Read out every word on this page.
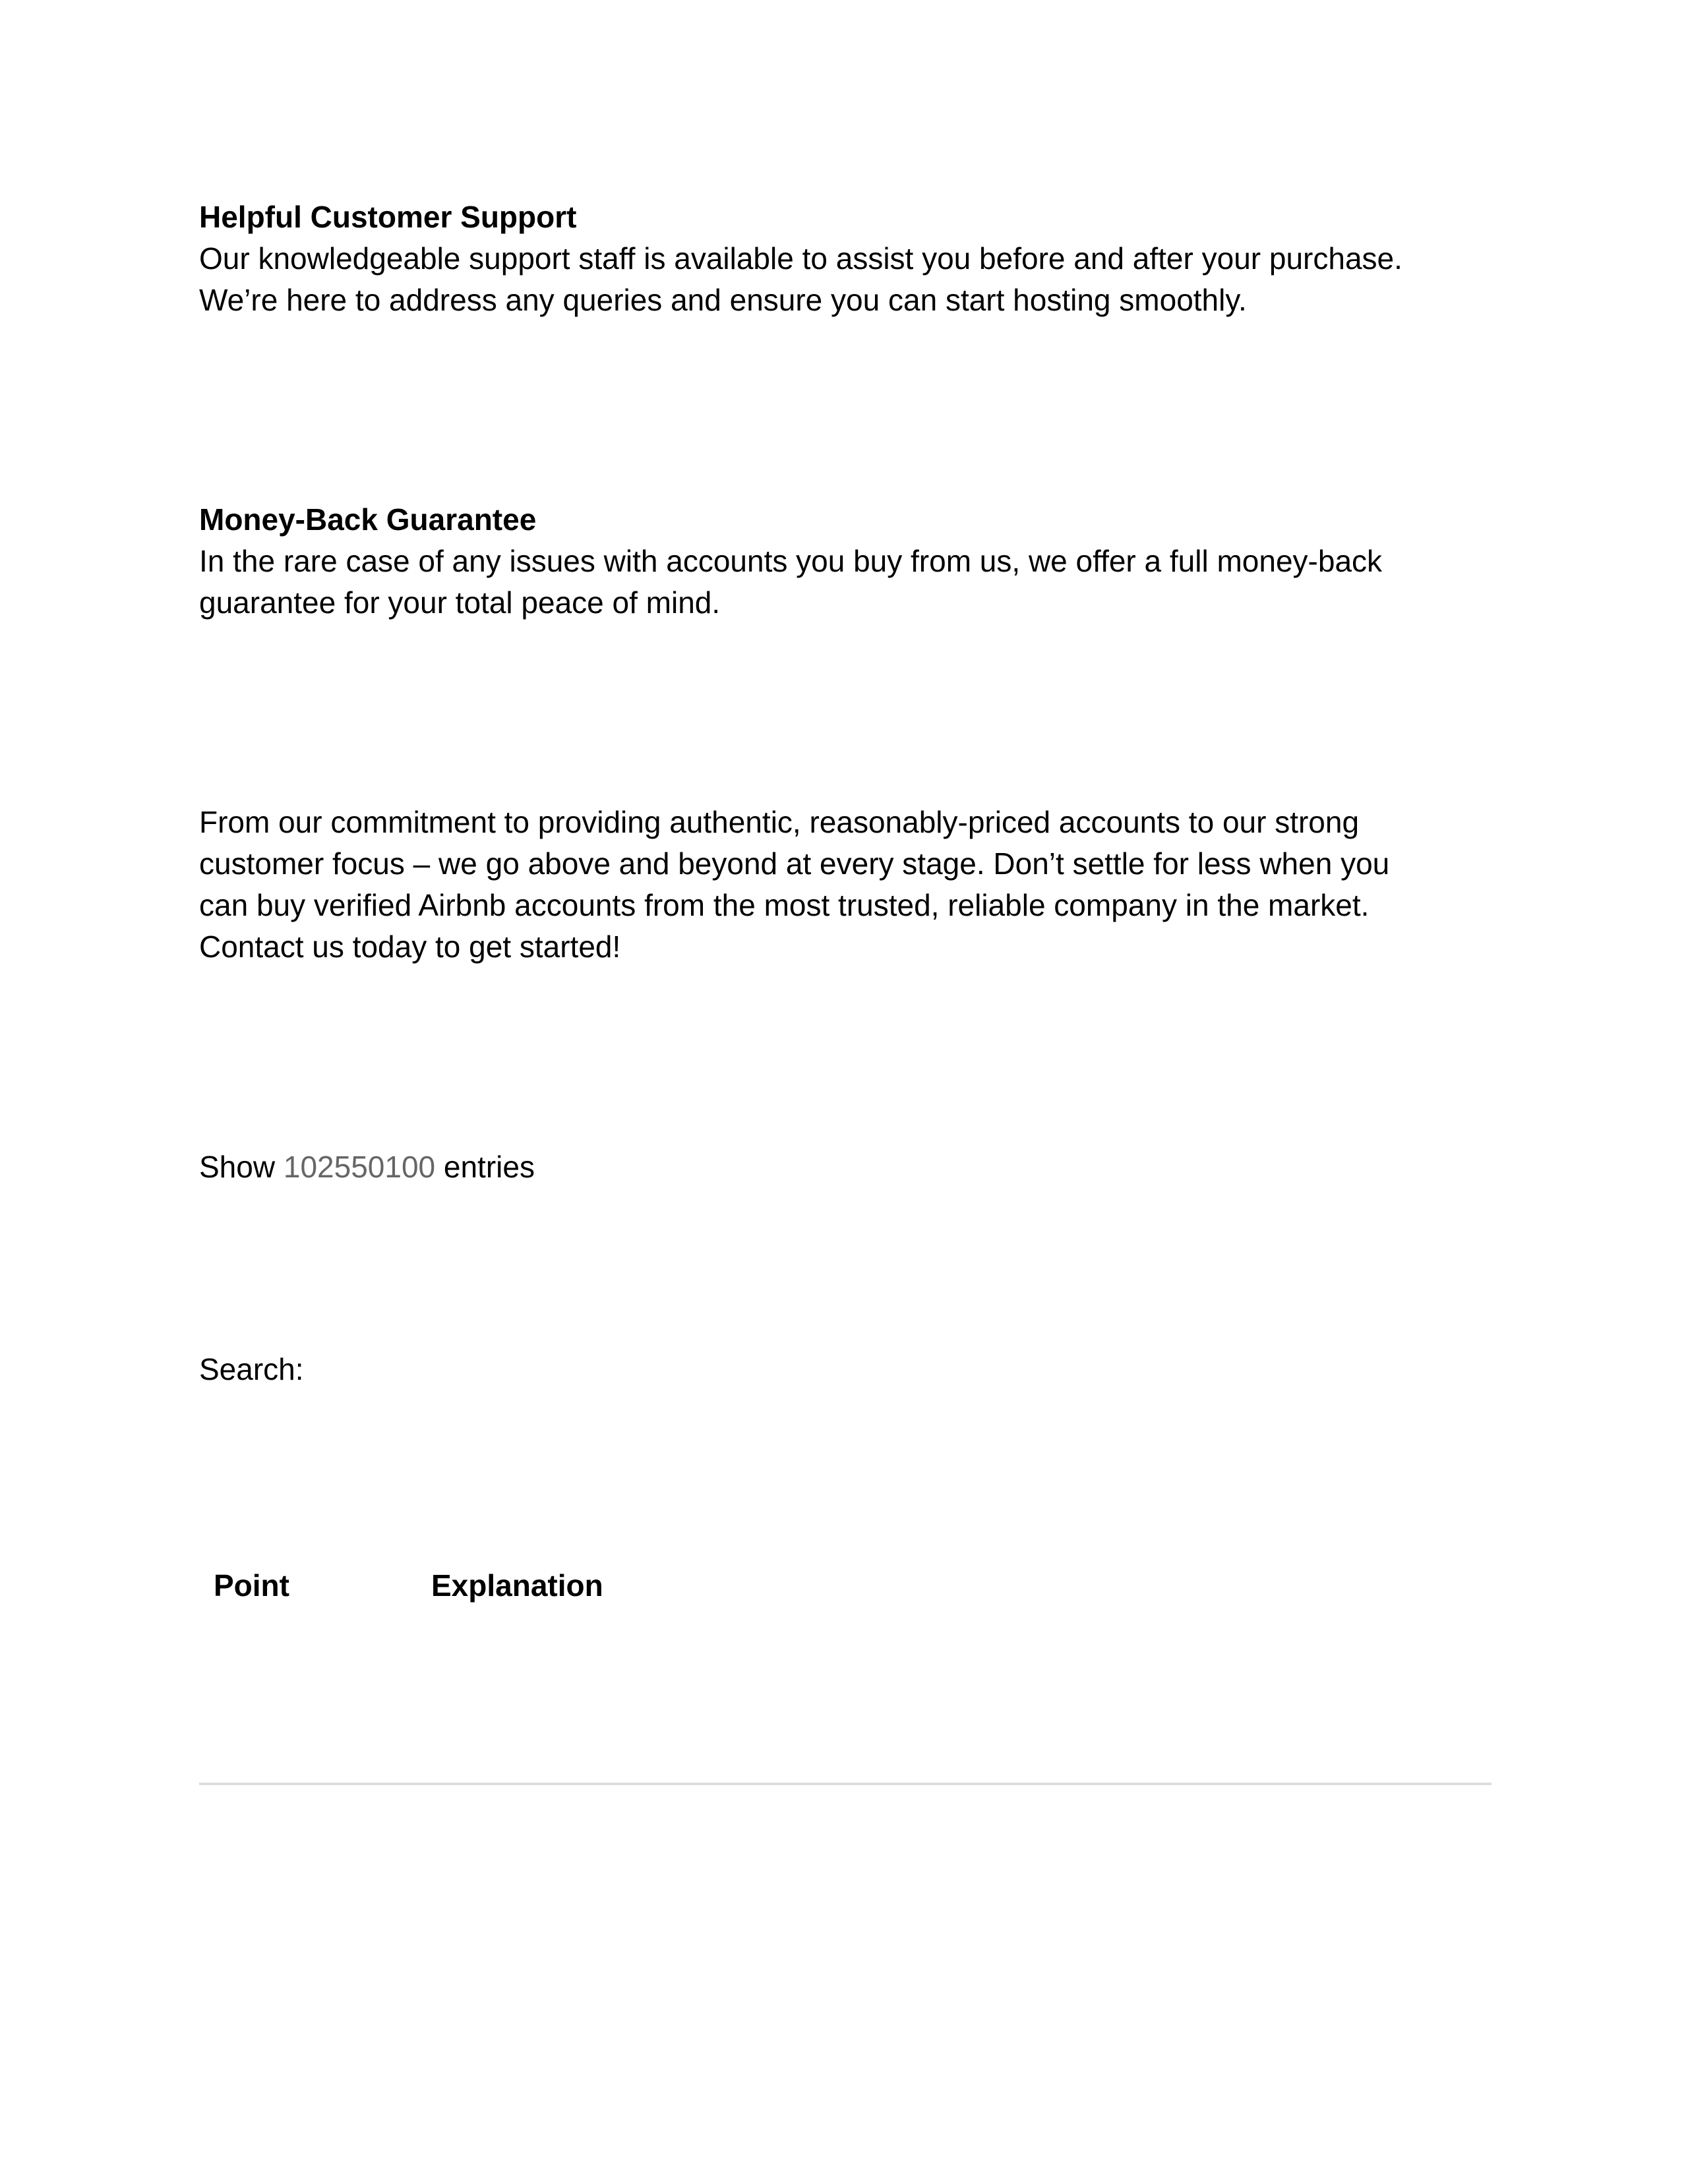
Helpful Customer Support

Our knowledgeable support staff is available to assist you before and after your purchase.

We’re here to address any queries and ensure you can start hosting smoothly.

Money-Back Guarantee

In the rare case of any issues with accounts you buy from us, we offer a full money-back

guarantee for your total peace of mind.

From our commitment to providing authentic, reasonably-priced accounts to our strong

customer focus – we go above and beyond at every stage. Don’t settle for less when you

can buy verified Airbnb accounts from the most trusted, reliable company in the market.

Contact us today to get started!

Show 102550100 entries
Search:
Point	Explanation
